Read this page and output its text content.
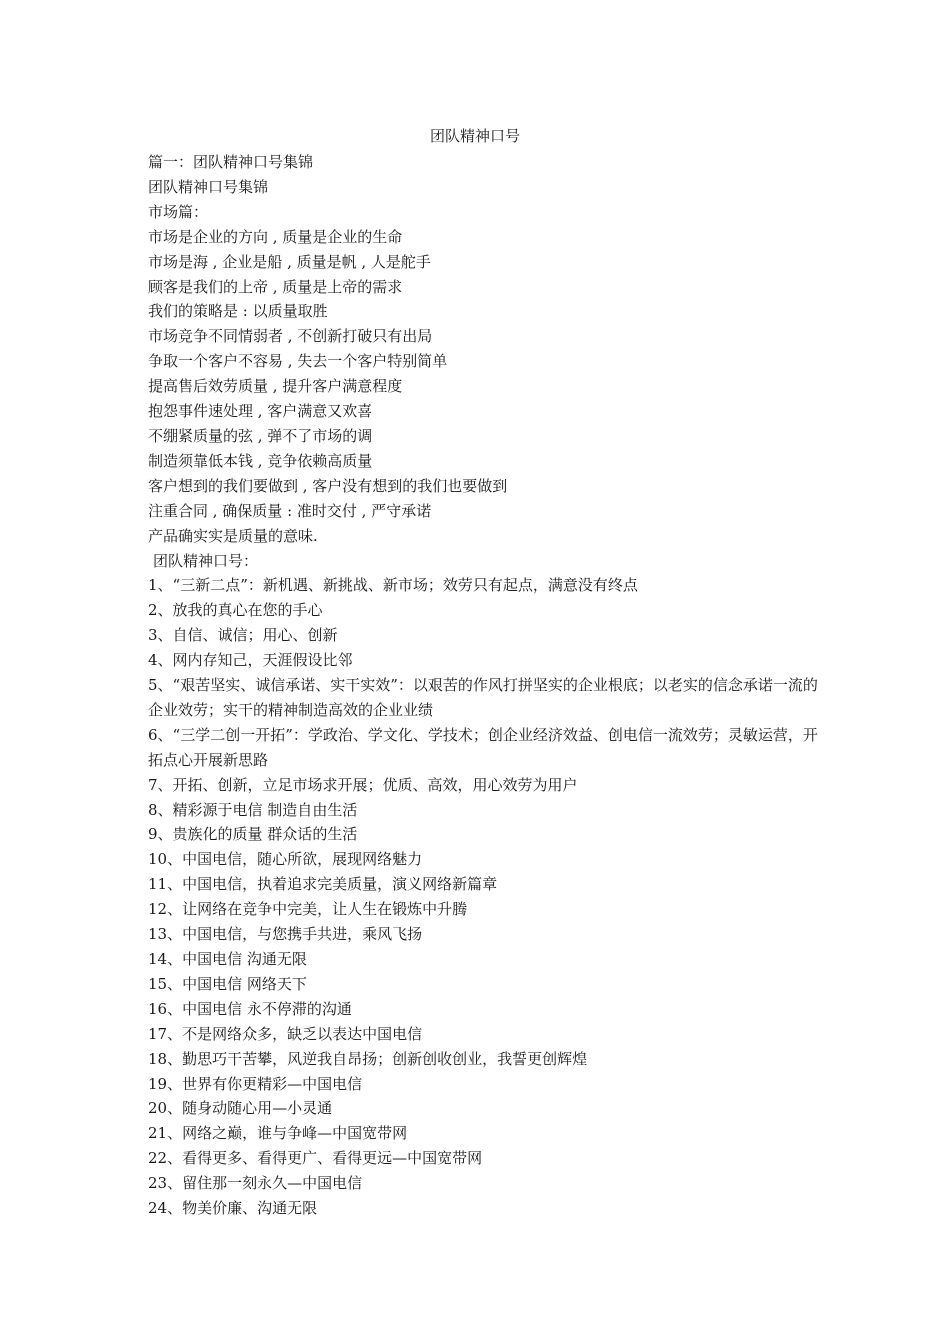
团队精神口号

篇一：团队精神口号集锦

团队精神口号集锦

市场篇：

市场是企业的方向 , 质量是企业的生命

市场是海 , 企业是船 , 质量是帆 , 人是舵手

顾客是我们的上帝 , 质量是上帝的需求

我们的策略是 : 以质量取胜

市场竞争不同情弱者 , 不创新打破只有出局

争取一个客户不容易 , 失去一个客户特别简单

提高售后效劳质量 , 提升客户满意程度

抱怨事件速处理 , 客户满意又欢喜

不绷紧质量的弦 , 弹不了市场的调

制造须靠低本钱 , 竞争依赖高质量

客户想到的我们要做到 , 客户没有想到的我们也要做到

注重合同 , 确保质量 : 准时交付 , 严守承诺

产品确实实是质量的意味.

团队精神口号：

1、“三新二点”：新机遇、新挑战、新市场；效劳只有起点，满意没有终点

2、放我的真心在您的手心

3、自信、诚信；用心、创新

4、网内存知己，天涯假设比邻

5、“艰苦坚实、诚信承诺、实干实效”：以艰苦的作风打拼坚实的企业根底；以老实的信念承诺一流的企业效劳；实干的精神制造高效的企业业绩

6、“三学二创一开拓”：学政治、学文化、学技术；创企业经济效益、创电信一流效劳；灵敏运营，开拓点心开展新思路

7、开拓、创新，立足市场求开展；优质、高效，用心效劳为用户

8、精彩源于电信 制造自由生活

9、贵族化的质量 群众话的生活

10、中国电信，随心所欲，展现网络魅力

11、中国电信，执着追求完美质量，演义网络新篇章

12、让网络在竞争中完美，让人生在锻炼中升腾

13、中国电信，与您携手共进，乘风飞扬

14、中国电信 沟通无限

15、中国电信 网络天下

16、中国电信 永不停滞的沟通

17、不是网络众多，缺乏以表达中国电信

18、勤思巧干苦攀，风逆我自昂扬；创新创收创业，我誓更创辉煌

19、世界有你更精彩—中国电信

20、随身动随心用—小灵通

21、网络之巅，谁与争峰—中国宽带网

22、看得更多、看得更广、看得更远—中国宽带网

23、留住那一刻永久—中国电信

24、物美价廉、沟通无限
